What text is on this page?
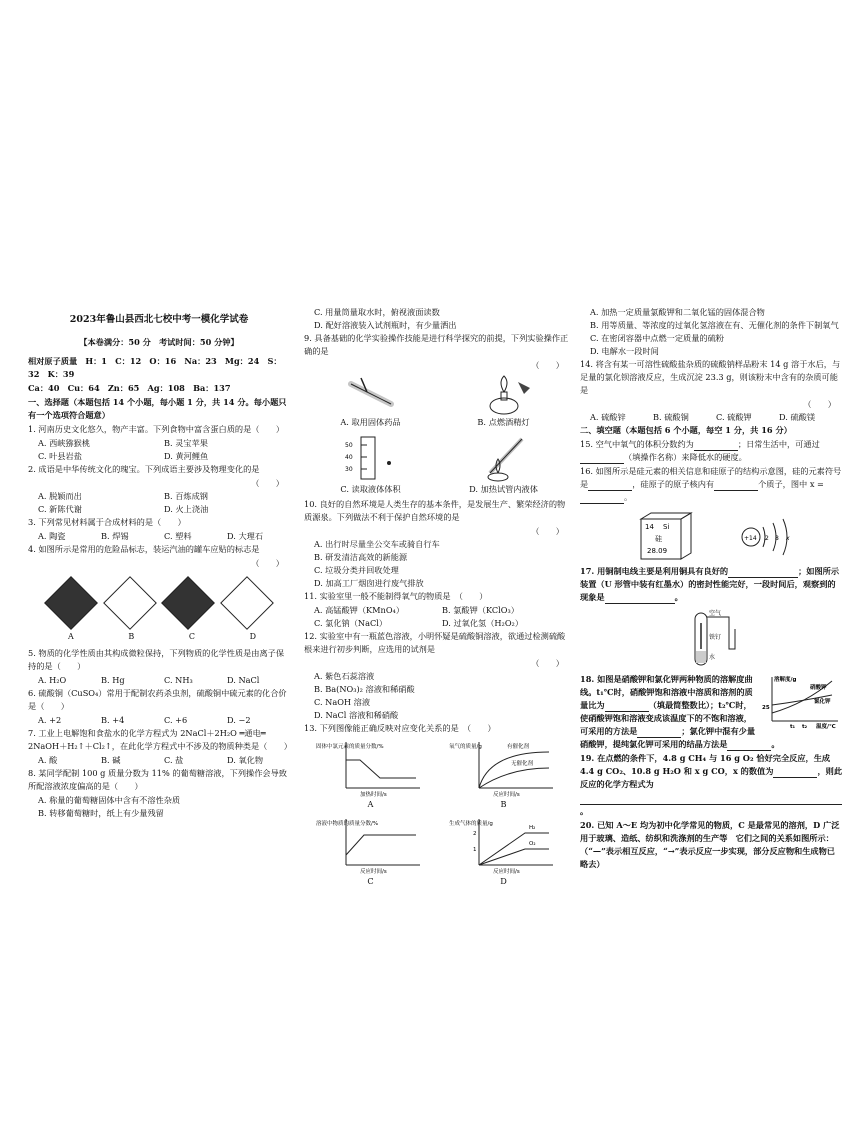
2023年鲁山县西北七校中考一模化学试卷
【本卷满分：50 分　考试时间：50 分钟】
相对原子质量　 H：1　C：12　O：16　Na：23　Mg：24　S：32　K：39
Ca：40　Cu：64　Zn：65　Ag：108　Ba：137
一、选择题（本题包括 14 个小题，每小题 1 分，共 14 分。每小题只有一个选项符合题意）
1. 河南历史文化悠久，物产丰富。下列食物中富含蛋白质的是（　　）
A. 西峡猕猴桃	B. 灵宝苹果
C. 叶县岩盐	D. 黄河鲤鱼
2. 成语是中华传统文化的瑰宝。下列成语主要涉及物理变化的是
（　　）
A. 脱颖而出	B. 百炼成钢
C. 新陈代谢	D. 火上浇油
3. 下列常见材料属于合成材料的是（　　）
A. 陶瓷	B. 焊锡	C. 塑料	D. 大理石
4. 如图所示是常用的危险品标志，装运汽油的罐车应贴的标志是
（　　）
A	B	C	D
5. 物质的化学性质由其构成微粒保持，下列物质的化学性质是由离子保持的是（　　）
A. H₂O	B. Hg	C. NH₃	D. NaCl
6. 硫酸铜（CuSO₄）常用于配制农药杀虫剂，硫酸铜中硫元素的化合价是（　　）
A. +2	B. +4	C. +6	D. −2
7. 工业上电解饱和食盐水的化学方程式为 2NaCl＋2H₂O ═通电═ 2NaOH＋H₂↑＋Cl₂↑，在此化学方程式中不涉及的物质种类是（　　）
A. 酸	B. 碱	C. 盐	D. 氧化物
8. 某同学配制 100 g 质量分数为 11% 的葡萄糖溶液，下列操作会导致所配溶液浓度偏高的是（　　）
A. 称量的葡萄糖固体中含有不溶性杂质
B. 转移葡萄糖时，纸上有少量残留
C. 用量筒量取水时，俯视液面读数
D. 配好溶液装入试剂瓶时，有少量洒出
9. 具备基础的化学实验操作技能是进行科学探究的前提，下列实验操作正确的是
（　　）
A. 取用固体药品	B. 点燃酒精灯
50
40
30
C. 读取液体体积	D. 加热试管内液体
10. 良好的自然环境是人类生存的基本条件，是发展生产、繁荣经济的物质源泉。下列做法不利于保护自然环境的是
（　　）
A. 出行时尽量坐公交车或骑自行车
B. 研发清洁高效的新能源
C. 垃圾分类并回收处理
D. 加高工厂烟囱进行废气排放
11. 实验室里一般不能制得氧气的物质是　 （　　）
A. 高锰酸钾（KMnO₄）	B. 氯酸钾（KClO₃）
C. 氯化钠（NaCl）	D. 过氧化氢（H₂O₂）
12. 实验室中有一瓶蓝色溶液，小明怀疑是硫酸铜溶液，欲通过检测硫酸根来进行初步判断，应选用的试剂是
（　　）
A. 紫色石蕊溶液
B. Ba(NO₃)₂ 溶液和稀硝酸
C. NaOH 溶液
D. NaCl 溶液和稀硝酸
13. 下列图像能正确反映对应变化关系的是　 （　　）
固体中氯元素的质量分数/%
加热时间/s
A
氧气的质量/g	有催化剂
无催化剂
反应时间/s
B
溶液中物质的质量分数/%
反应时间/s
C
生成气体的质量/g
H₂
O₂
2
1
反应时间/s
D
A. 加热一定质量氯酸钾和二氧化锰的固体混合物
B. 用等质量、等浓度的过氧化氢溶液在有、无催化剂的条件下制氧气
C. 在密闭容器中点燃一定质量的硫粉
D. 电解水一段时间
14. 将含有某一可溶性硫酸盐杂质的硫酸钠样品粉末 14 g 溶于水后，与足量的氯化钡溶液反应，生成沉淀 23.3 g，则该粉末中含有的杂质可能是
（　　）
A. 硫酸锌	B. 硫酸铜	C. 硫酸钾	D. 硫酸镁
二、填空题（本题包括 6 个小题，每空 1 分，共 16 分）
15. 空气中氧气的体积分数约为	；日常生活中，可通过（填操作名称）来降低水的硬度。
16. 如图所示是硅元素的相关信息和硅原子的结构示意图，硅的元素符号是	，硅原子的原子核内有	个质子，图中 x =。
14 Si
硅
28.09
+14 2 8 x
17. 用铜制电线主要是利用铜具有良好的	；如图所示装置（U 形管中装有红墨水）的密封性能完好，一段时间后，观察到的现象是	。
空气
铁钉
水
溶解度/g
硝酸钾
氯化钾
25
t₁ t₂ 温度/℃
18. 如图是硝酸钾和氯化钾两种物质的溶解度曲线。t₁℃时，硝酸钾饱和溶液中溶质和溶剂的质量比为	（填最简整数比）；t₂℃时，使硝酸钾饱和溶液变成该温度下的不饱和溶液，可采用的方法是	；氯化钾中混有少量硝酸钾，提纯氯化钾可采用的结晶方法是	。
19. 在点燃的条件下，4.8 g CH₄ 与 16 g O₂ 恰好完全反应，生成 4.4 g CO₂、10.8 g H₂O 和 x g CO，x 的数值为	，则此反应的化学方程式为
。
20. 已知 A～E 均为初中化学常见的物质，C 是最常见的溶剂，D 广泛用于玻璃、造纸、纺织和洗涤剂的生产等　它们之间的关系如图所示：（“—”表示相互反应，“→”表示反应一步实现，部分反应物和生成物已略去）
